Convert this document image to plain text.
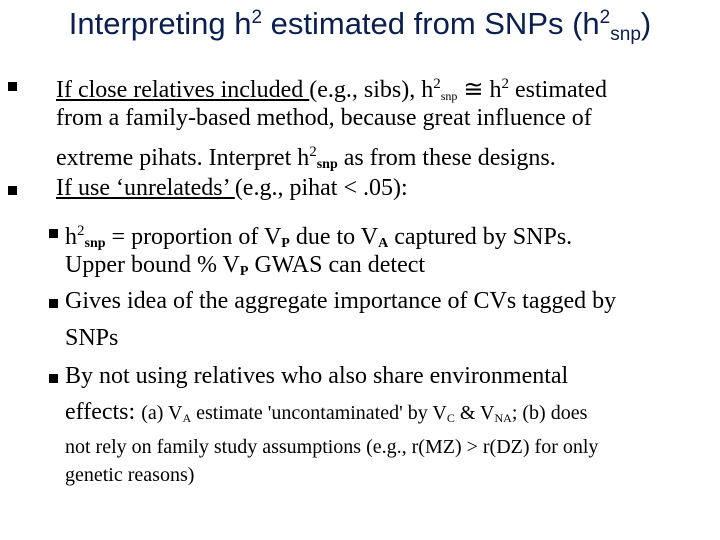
Interpreting $h^2$ estimated from SNPs $(h^2_{snp})$
If close relatives included (e.g., sibs), $h^2_{snp}$ ≅ $h^2$ estimated
from a family-based method, because great influence of
extreme pihats. Interpret $h^2_{snp}$ as from these designs.
If use ‘unrelateds’ (e.g., pihat < .05):
$h^2_{snp}$ = proportion of $V_P$ due to $V_A$ captured by SNPs.
Upper bound % $V_P$ GWAS can detect
Gives idea of the aggregate importance of CVs tagged by
SNPs
By not using relatives who also share environmental
effects: (a) $V_A$ estimate 'uncontaminated' by $V_C$ & $V_{NA}$; (b) does
not rely on family study assumptions (e.g., r(MZ) > r(DZ) for only
genetic reasons)
